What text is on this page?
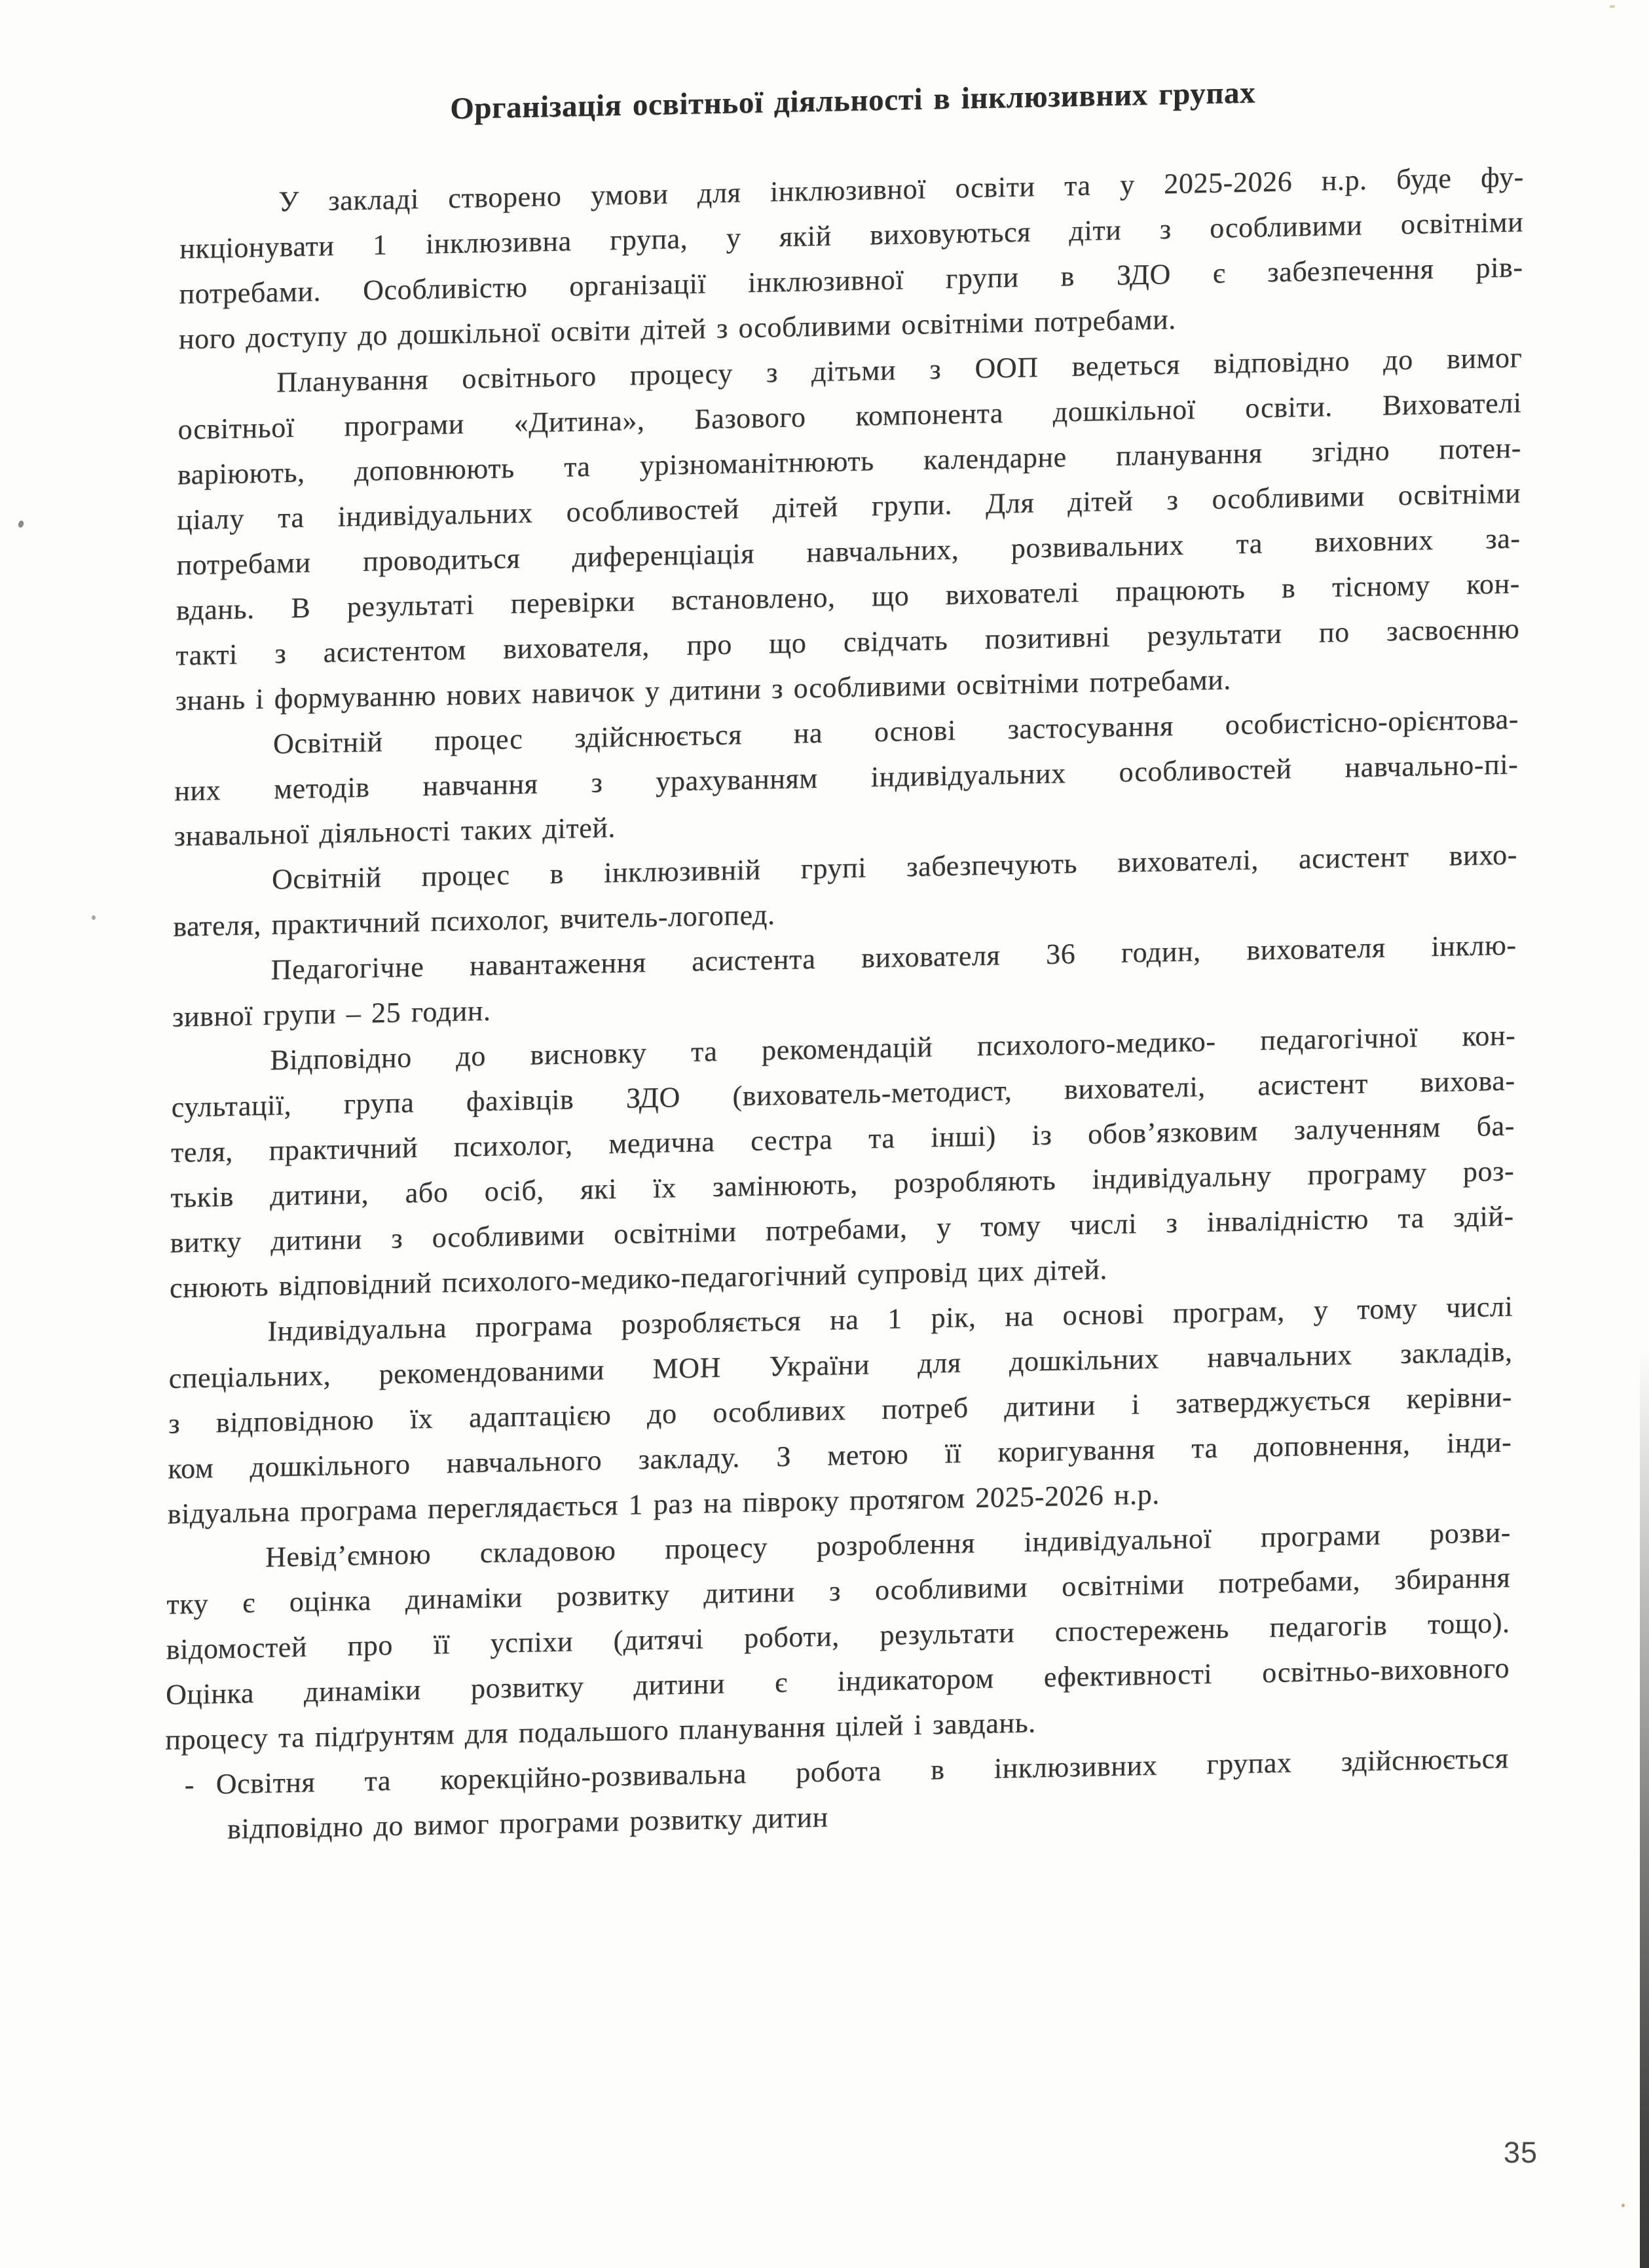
Організація освітньої діяльності в інклюзивних групах
У закладі створено умови для інклюзивної освіти та у 2025-2026 н.р. буде фу-
нкціонувати 1 інклюзивна група, у якій виховуються діти з особливими освітніми
потребами. Особливістю організації інклюзивної групи в ЗДО є забезпечення рів-
ного доступу до дошкільної освіти дітей з особливими освітніми потребами.
Планування освітнього процесу з дітьми з ООП ведеться відповідно до вимог
освітньої програми «Дитина», Базового компонента дошкільної освіти. Вихователі
варіюють, доповнюють та урізноманітнюють календарне планування згідно потен-
ціалу та індивідуальних особливостей дітей групи. Для дітей з особливими освітніми
потребами проводиться диференціація навчальних, розвивальних та виховних за-
вдань. В результаті перевірки встановлено, що вихователі працюють в тісному кон-
такті з асистентом вихователя, про що свідчать позитивні результати по засвоєнню
знань і формуванню нових навичок у дитини з особливими освітніми потребами.
Освітній процес здійснюється на основі застосування особистісно-орієнтова-
них методів навчання з урахуванням індивідуальних особливостей навчально-пі-
знавальної діяльності таких дітей.
Освітній процес в інклюзивній групі забезпечують вихователі, асистент вихо-
вателя, практичний психолог, вчитель-логопед.
Педагогічне навантаження асистента вихователя 36 годин, вихователя інклю-
зивної групи – 25 годин.
Відповідно до висновку та рекомендацій психолого-медико- педагогічної кон-
сультації, група фахівців ЗДО (вихователь-методист, вихователі, асистент вихова-
теля, практичний психолог, медична сестра та інші) із обов’язковим залученням ба-
тьків дитини, або осіб, які їх замінюють, розробляють індивідуальну програму роз-
витку дитини з особливими освітніми потребами, у тому числі з інвалідністю та здій-
снюють відповідний психолого-медико-педагогічний супровід цих дітей.
Індивідуальна програма розробляється на 1 рік, на основі програм, у тому числі
спеціальних, рекомендованими МОН України для дошкільних навчальних закладів,
з відповідною їх адаптацією до особливих потреб дитини і затверджується керівни-
ком дошкільного навчального закладу. З метою її коригування та доповнення, інди-
відуальна програма переглядається 1 раз на півроку протягом 2025-2026 н.р.
Невід’ємною складовою процесу розроблення індивідуальної програми розви-
тку є оцінка динаміки розвитку дитини з особливими освітніми потребами, збирання
відомостей про її успіхи (дитячі роботи, результати спостережень педагогів тощо).
Оцінка динаміки розвитку дитини є індикатором ефективності освітньо-виховного
процесу та підґрунтям для подальшого планування цілей і завдань.
- Освітня та корекційно-розвивальна робота в інклюзивних групах здійснюється
відповідно до вимог програми розвитку дитин
35
